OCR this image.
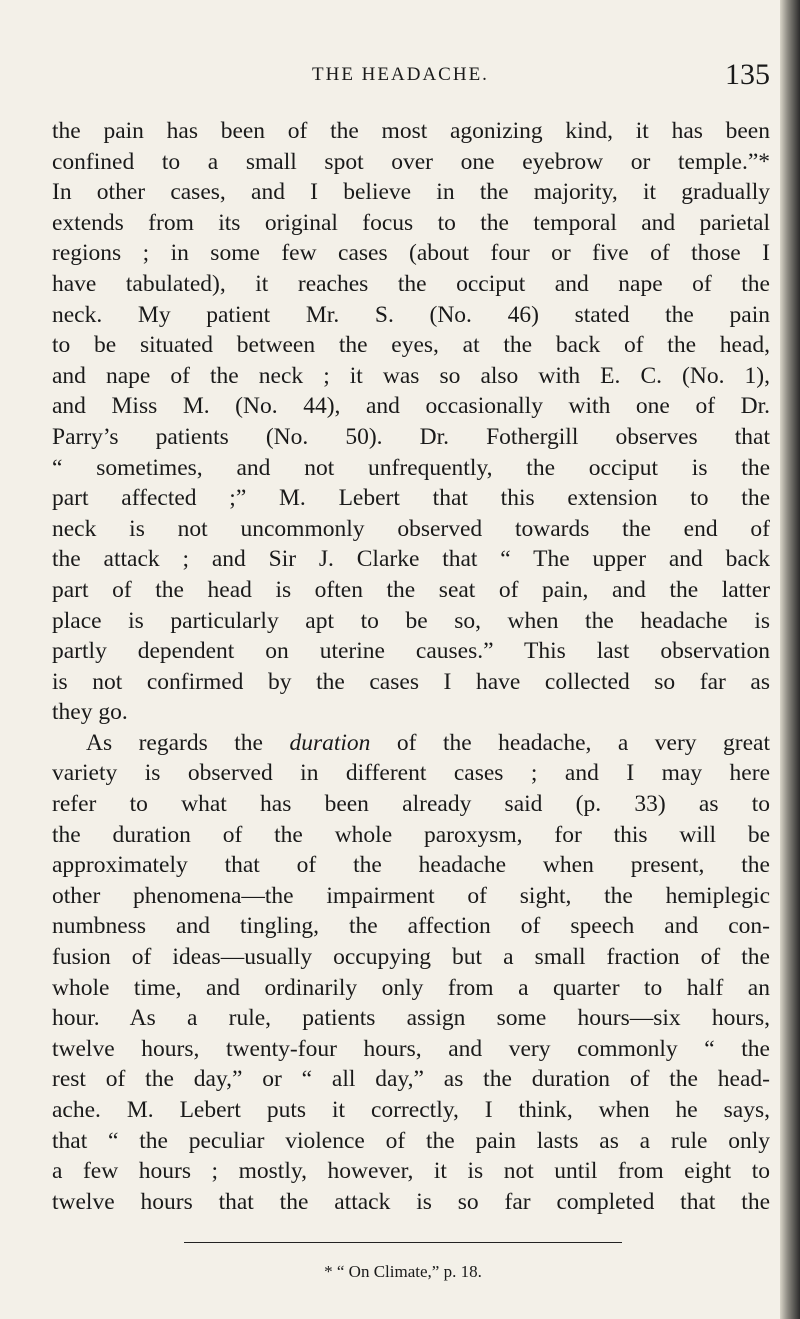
THE HEADACHE.	135
the pain has been of the most agonizing kind, it has been
confined to a small spot over one eyebrow or temple.”*
In other cases, and I believe in the majority, it gradually
extends from its original focus to the temporal and parietal
regions ; in some few cases (about four or five of those I
have tabulated), it reaches the occiput and nape of the
neck. My patient Mr. S. (No. 46) stated the pain
to be situated between the eyes, at the back of the head,
and nape of the neck ; it was so also with E. C. (No. 1),
and Miss M. (No. 44), and occasionally with one of Dr.
Parry’s patients (No. 50). Dr. Fothergill observes that
“ sometimes, and not unfrequently, the occiput is the
part affected ;” M. Lebert that this extension to the
neck is not uncommonly observed towards the end of
the attack ; and Sir J. Clarke that “ The upper and back
part of the head is often the seat of pain, and the latter
place is particularly apt to be so, when the headache is
partly dependent on uterine causes.” This last observation
is not confirmed by the cases I have collected so far as
they go.
As regards the duration of the headache, a very great
variety is observed in different cases ; and I may here
refer to what has been already said (p. 33) as to
the duration of the whole paroxysm, for this will be
approximately that of the headache when present, the
other phenomena—the impairment of sight, the hemiplegic
numbness and tingling, the affection of speech and con-
fusion of ideas—usually occupying but a small fraction of the
whole time, and ordinarily only from a quarter to half an
hour. As a rule, patients assign some hours—six hours,
twelve hours, twenty-four hours, and very commonly “ the
rest of the day,” or “ all day,” as the duration of the head-
ache. M. Lebert puts it correctly, I think, when he says,
that “ the peculiar violence of the pain lasts as a rule only
a few hours ; mostly, however, it is not until from eight to
twelve hours that the attack is so far completed that the
* “ On Climate,” p. 18.
